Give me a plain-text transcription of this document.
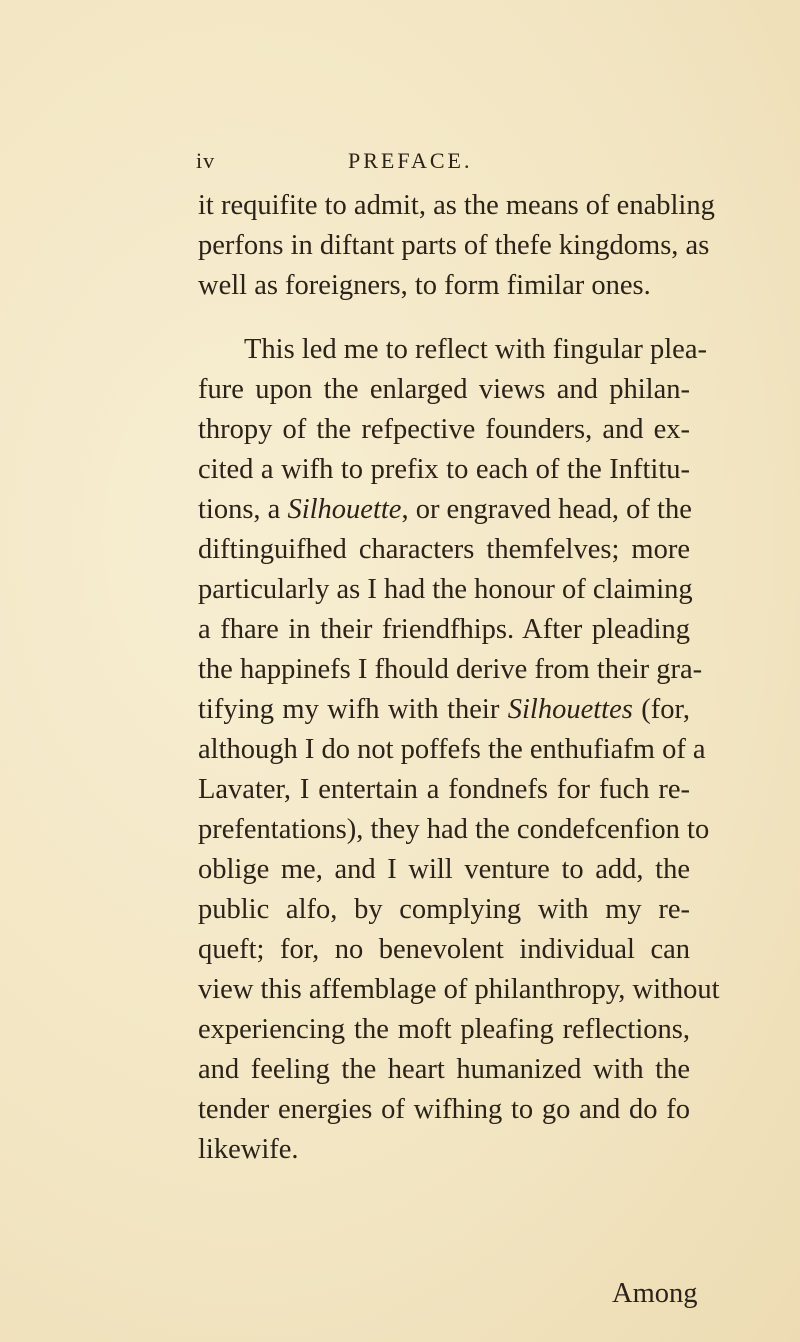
iv	PREFACE.
it requifite to admit, as the means of enabling
perfons in diftant parts of thefe kingdoms, as
well as foreigners, to form fimilar ones.
This led me to reflect with fingular plea-
fure upon the enlarged views and philan-
thropy of the refpective founders, and ex-
cited a wifh to prefix to each of the Inftitu-
tions, a Silhouette, or engraved head, of the
diftinguifhed characters themfelves; more
particularly as I had the honour of claiming
a fhare in their friendfhips. After pleading
the happinefs I fhould derive from their gra-
tifying my wifh with their Silhouettes (for,
although I do not poffefs the enthufiafm of a
Lavater, I entertain a fondnefs for fuch re-
prefentations), they had the condefcenfion to
oblige me, and I will venture to add, the
public alfo, by complying with my re-
queft; for, no benevolent individual can
view this affemblage of philanthropy, without
experiencing the moft pleafing reflections,
and feeling the heart humanized with the
tender energies of wifhing to go and do fo
likewife.
Among
